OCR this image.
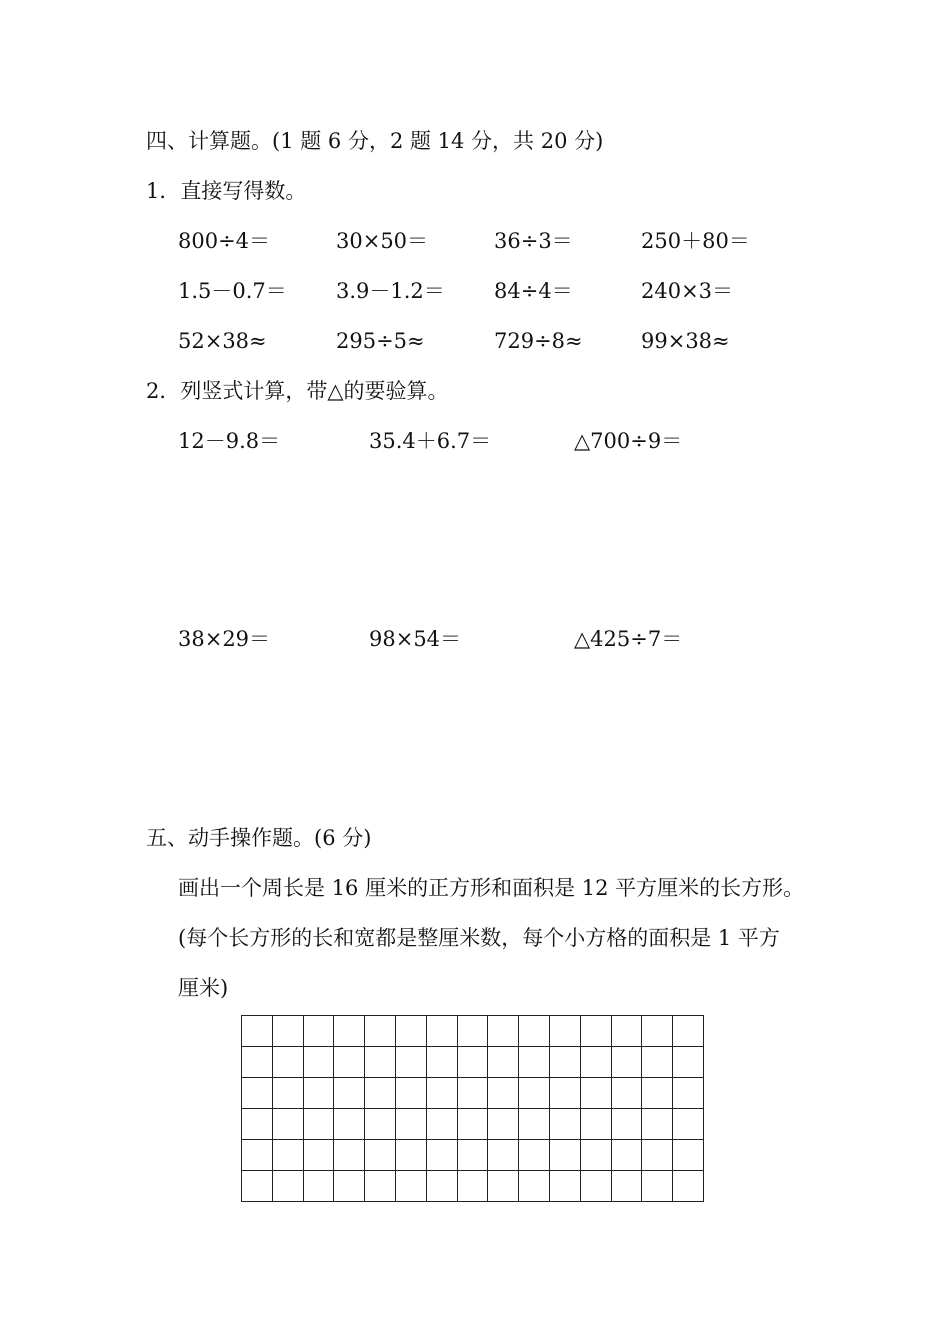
四、计算题。(1 题 6 分，2 题 14 分，共 20 分)
1．直接写得数。
800÷4＝	30×50＝	36÷3＝	250＋80＝
1.5－0.7＝ 3.9－1.2＝ 84÷4＝	240×3＝
52×38≈	295÷5≈	729÷8≈	99×38≈
2．列竖式计算，带△的要验算。
12－9.8＝	35.4＋6.7＝	△700÷9＝
38×29＝	98×54＝	△425÷7＝
五、动手操作题。(6 分)
画出一个周长是 16 厘米的正方形和面积是 12 平方厘米的长方形。
(每个长方形的长和宽都是整厘米数，每个小方格的面积是 1 平方
厘米)
